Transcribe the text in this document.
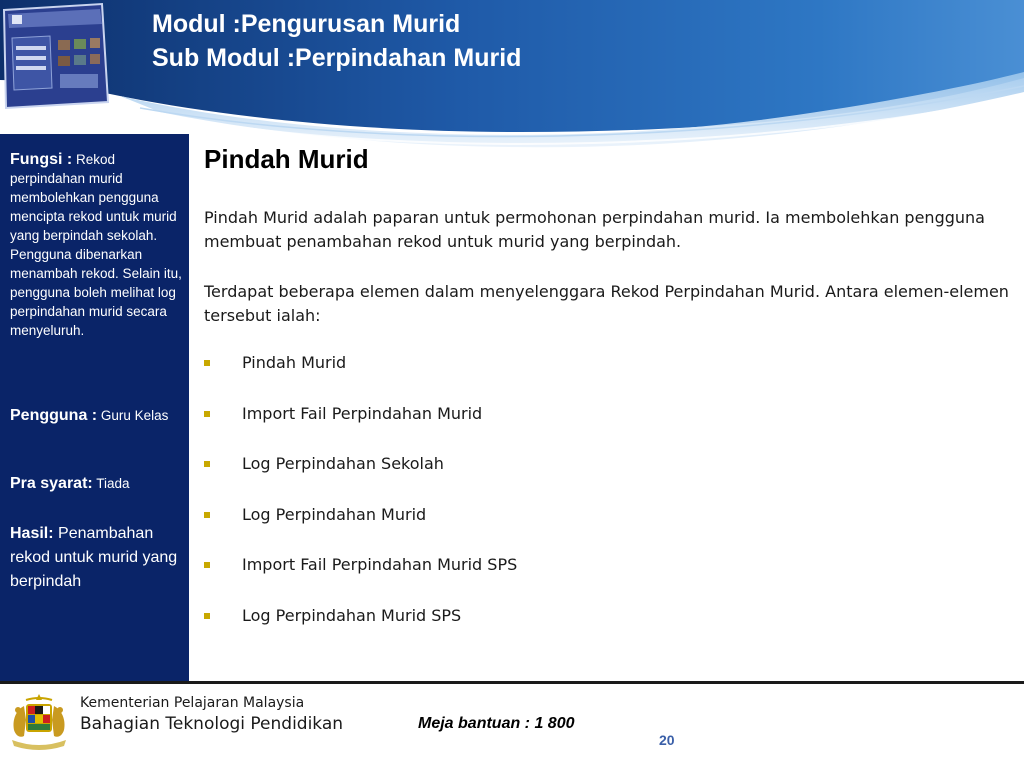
Modul :Pengurusan Murid
Sub Modul :Perpindahan Murid
Fungsi : Rekod perpindahan murid membolehkan pengguna mencipta rekod untuk murid yang berpindah sekolah. Pengguna dibenarkan menambah rekod. Selain itu, pengguna boleh melihat log perpindahan murid secara menyeluruh.
Pengguna : Guru Kelas
Pra syarat: Tiada
Hasil: Penambahan rekod untuk murid yang berpindah
Pindah Murid
Pindah Murid adalah paparan untuk permohonan perpindahan murid. Ia membolehkan pengguna membuat penambahan rekod untuk murid yang berpindah.
Terdapat beberapa elemen dalam menyelenggara Rekod Perpindahan Murid. Antara elemen-elemen tersebut ialah:
Pindah Murid
Import Fail Perpindahan Murid
Log Perpindahan Sekolah
Log Perpindahan Murid
Import Fail Perpindahan Murid SPS
Log Perpindahan Murid SPS
Kementerian Pelajaran Malaysia
Bahagian Teknologi Pendidikan	Meja bantuan : 1 800
20
